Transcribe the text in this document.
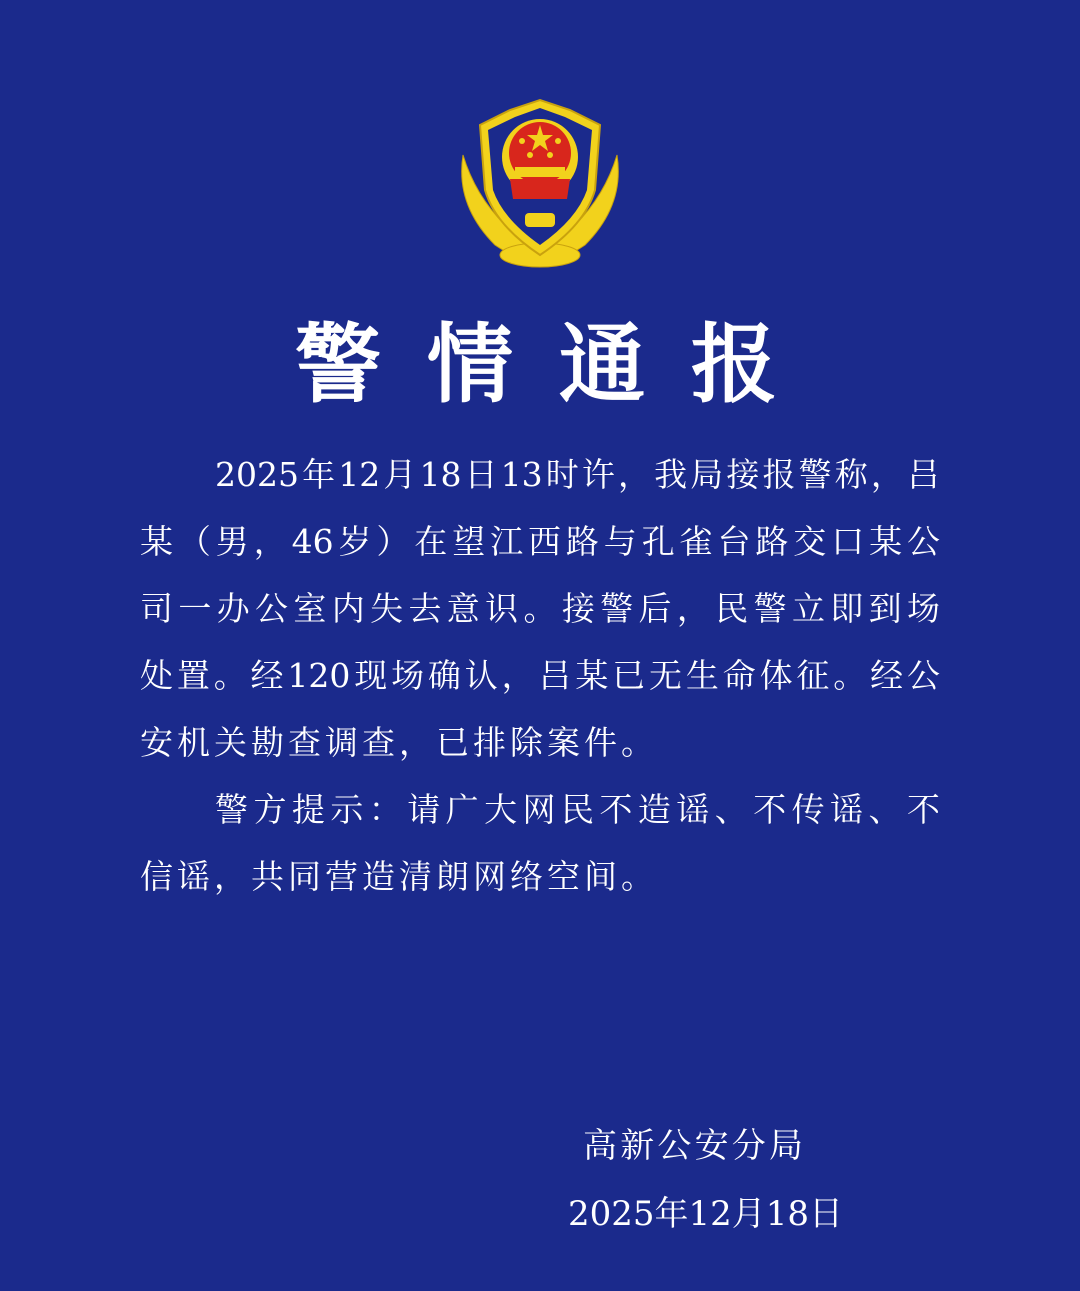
警情通报
2025年12月18日13时许，我局接报警称，吕
某（男，46岁）在望江西路与孔雀台路交口某公
司一办公室内失去意识。接警后，民警立即到场
处置。经120现场确认，吕某已无生命体征。经公
安机关勘查调查，已排除案件。
警方提示：请广大网民不造谣、不传谣、不
信谣，共同营造清朗网络空间。
高新公安分局
2025年12月18日
